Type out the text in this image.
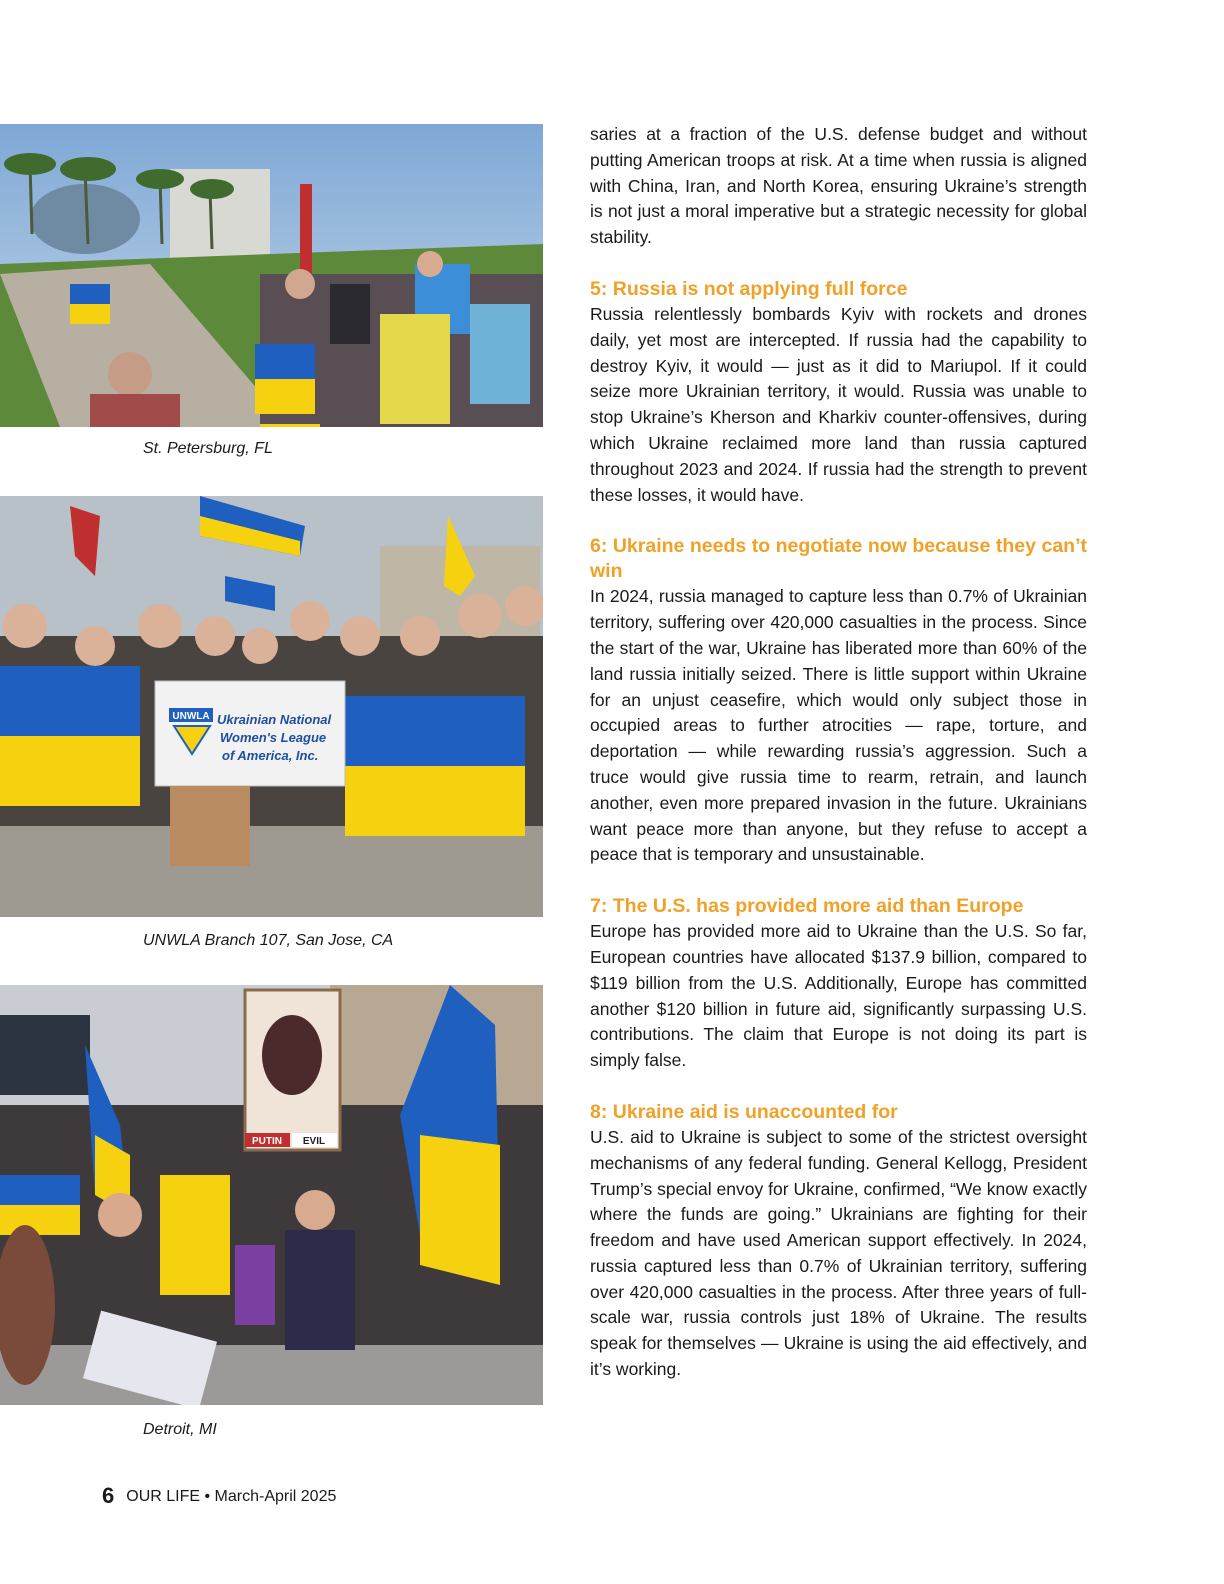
St. Petersburg, FL
UNWLA Ukrainian National
Women's League
of America, Inc.
UNWLA Branch 107, San Jose, CA
PUTIN EVIL
Detroit, MI

saries at a fraction of the U.S. defense budget and without putting American troops at risk. At a time when russia is aligned with China, Iran, and North Korea, ensuring Ukraine’s strength is not just a moral imperative but a strategic necessity for global stability.

5: Russia is not applying full force

Russia relentlessly bombards Kyiv with rockets and drones daily, yet most are intercepted. If russia had the capability to destroy Kyiv, it would — just as it did to Mariupol. If it could seize more Ukrainian territory, it would. Russia was unable to stop Ukraine’s Kherson and Kharkiv counter-offensives, during which Ukraine reclaimed more land than russia captured throughout 2023 and 2024. If russia had the strength to prevent these losses, it would have.

6: Ukraine needs to negotiate now because they can’t win

In 2024, russia managed to capture less than 0.7% of Ukrainian territory, suffering over 420,000 casualties in the process. Since the start of the war, Ukraine has liberated more than 60% of the land russia initially seized. There is little support within Ukraine for an unjust ceasefire, which would only subject those in occupied areas to further atrocities — rape, torture, and deportation — while rewarding russia’s aggression. Such a truce would give russia time to rearm, retrain, and launch another, even more prepared invasion in the future. Ukrainians want peace more than anyone, but they refuse to accept a peace that is temporary and unsustainable.

7: The U.S. has provided more aid than Europe

Europe has provided more aid to Ukraine than the U.S. So far, European countries have allocated $137.9 billion, compared to $119 billion from the U.S. Additionally, Europe has committed another $120 billion in future aid, significantly surpassing U.S. contributions. The claim that Europe is not doing its part is simply false.

8: Ukraine aid is unaccounted for

U.S. aid to Ukraine is subject to some of the strictest oversight mechanisms of any federal funding. General Kellogg, President Trump’s special envoy for Ukraine, confirmed, “We know exactly where the funds are going.” Ukrainians are fighting for their freedom and have used American support effectively. In 2024, russia captured less than 0.7% of Ukrainian territory, suffering over 420,000 casualties in the process. After three years of full-scale war, russia controls just 18% of Ukraine. The results speak for themselves — Ukraine is using the aid effectively, and it’s working.

6 OUR LIFE • March-April 2025
